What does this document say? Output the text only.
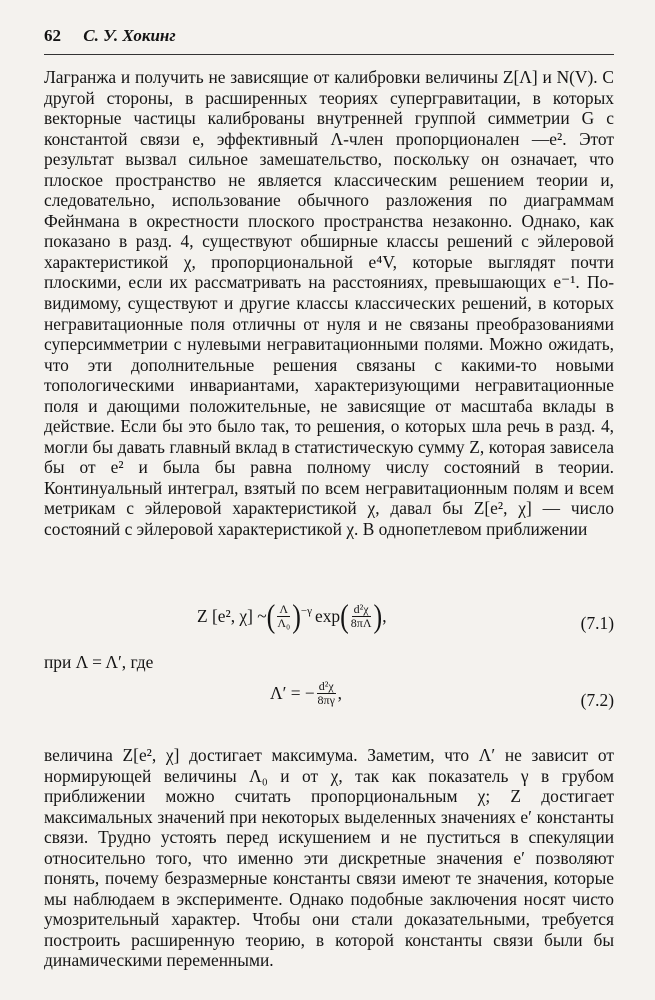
62 С. У. Хокинг

Лагранжа и получить не зависящие от калибровки величины Z[Λ] и N(V). С другой стороны, в расширенных теориях супергравитации, в которых векторные частицы калиброваны внутренней группой симметрии G с константой связи e, эффективный Λ-член пропорционален —e². Этот результат вызвал сильное замешательство, поскольку он означает, что плоское пространство не является классическим решением теории и, следовательно, использование обычного разложения по диаграммам Фейнмана в окрестности плоского пространства незаконно. Однако, как показано в разд. 4, существуют обширные классы решений с эйлеровой характеристикой χ, пропорциональной e⁴V, которые выглядят почти плоскими, если их рассматривать на расстояниях, превышающих e⁻¹. По-видимому, существуют и другие классы классических решений, в которых негравитационные поля отличны от нуля и не связаны преобразованиями суперсимметрии с нулевыми негравитационными полями. Можно ожидать, что эти дополнительные решения связаны с какими-то новыми топологическими инвариантами, характеризующими негравитационные поля и дающими положительные, не зависящие от масштаба вклады в действие. Если бы это было так, то решения, о которых шла речь в разд. 4, могли бы давать главный вклад в статистическую сумму Z, которая зависела бы от e² и была бы равна полному числу состояний в теории. Континуальный интеграл, взятый по всем негравитационным полям и всем метрикам с эйлеровой характеристикой χ, давал бы Z[e², χ] — число состояний с эйлеровой характеристикой χ. В однопетлевом приближении

Z [e², χ] ~ ( $\frac{\Lambda}{\text{Λ₀}} )^{-\gamma}$ exp ( $\frac{\text{d²χ}}{8\pi\Lambda}$ ) ,	(7.1)
при Λ = Λ′, где
Λ′ = − $\frac{\text{d²χ}}{8\pi\gamma}$ ,	(7.2)

величина Z[e², χ] достигает максимума. Заметим, что Λ′ не зависит от нормирующей величины Λ₀ и от χ, так как показатель γ в грубом приближении можно считать пропорциональным χ; Z достигает максимальных значений при некоторых выделенных значениях e′ константы связи. Трудно устоять перед искушением и не пуститься в спекуляции относительно того, что именно эти дискретные значения e′ позволяют понять, почему безразмерные константы связи имеют те значения, которые мы наблюдаем в эксперименте. Однако подобные заключения носят чисто умозрительный характер. Чтобы они стали доказательными, требуется построить расширенную теорию, в которой константы связи были бы динамическими переменными.
